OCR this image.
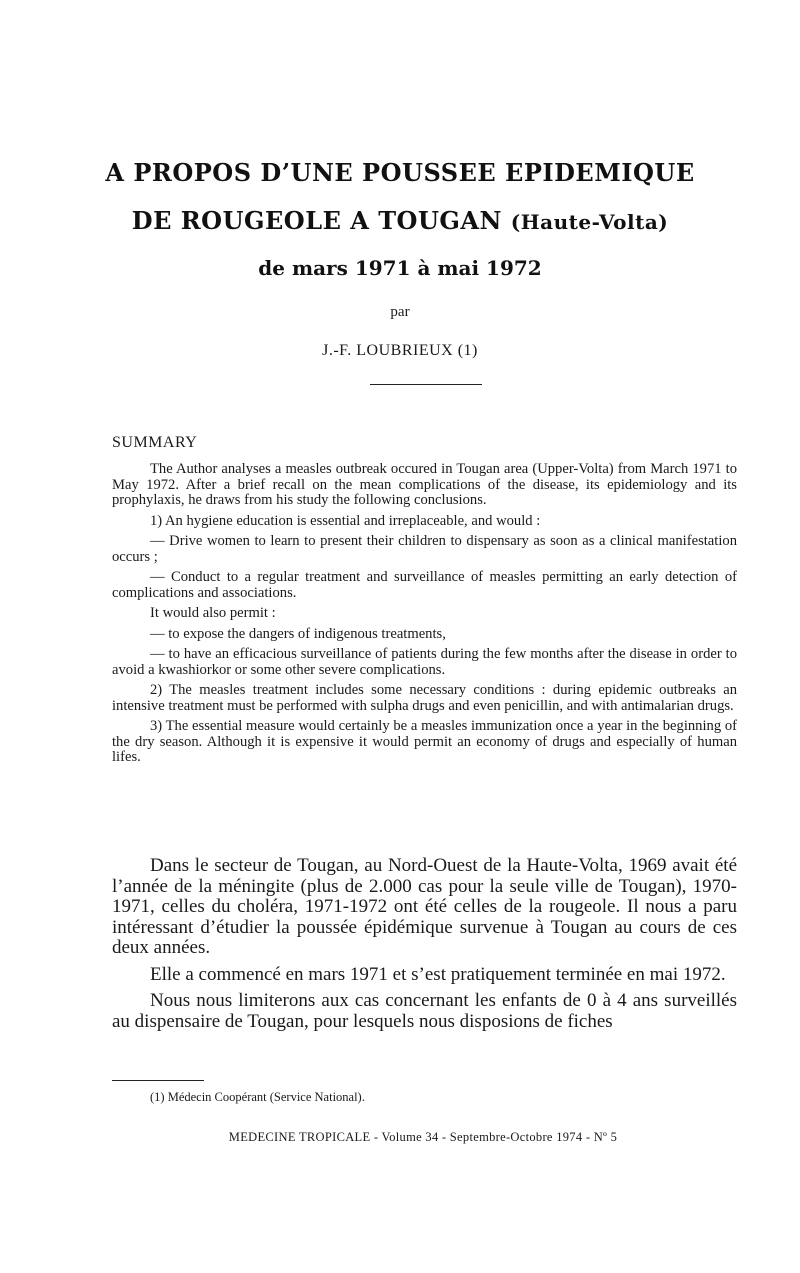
A PROPOS D’UNE POUSSEE EPIDEMIQUE
DE ROUGEOLE A TOUGAN (Haute-Volta)
de mars 1971 à mai 1972
par
J.-F. LOUBRIEUX (1)
SUMMARY

The Author analyses a measles outbreak occured in Tougan area (Upper-Volta) from March 1971 to May 1972. After a brief recall on the mean complications of the disease, its epidemiology and its prophylaxis, he draws from his study the following conclusions.

1) An hygiene education is essential and irreplaceable, and would :

— Drive women to learn to present their children to dispensary as soon as a clinical manifestation occurs ;

— Conduct to a regular treatment and surveillance of measles permitting an early detection of complications and associations.

It would also permit :

— to expose the dangers of indigenous treatments,

— to have an efficacious surveillance of patients during the few months after the disease in order to avoid a kwashiorkor or some other severe complications.

2) The measles treatment includes some necessary conditions : during epidemic outbreaks an intensive treatment must be performed with sulpha drugs and even penicillin, and with antimalarian drugs.

3) The essential measure would certainly be a measles immunization once a year in the beginning of the dry season. Although it is expensive it would permit an economy of drugs and especially of human lifes.

Dans le secteur de Tougan, au Nord-Ouest de la Haute-Volta, 1969 avait été l’année de la méningite (plus de 2.000 cas pour la seule ville de Tougan), 1970-1971, celles du choléra, 1971-1972 ont été celles de la rougeole. Il nous a paru intéressant d’étudier la poussée épidémique survenue à Tougan au cours de ces deux années.

Elle a commencé en mars 1971 et s’est pratiquement terminée en mai 1972.

Nous nous limiterons aux cas concernant les enfants de 0 à 4 ans surveillés au dispensaire de Tougan, pour lesquels nous disposions de fiches

(1) Médecin Coopérant (Service National).
MEDECINE TROPICALE - Volume 34 - Septembre-Octobre 1974 - Nº 5
